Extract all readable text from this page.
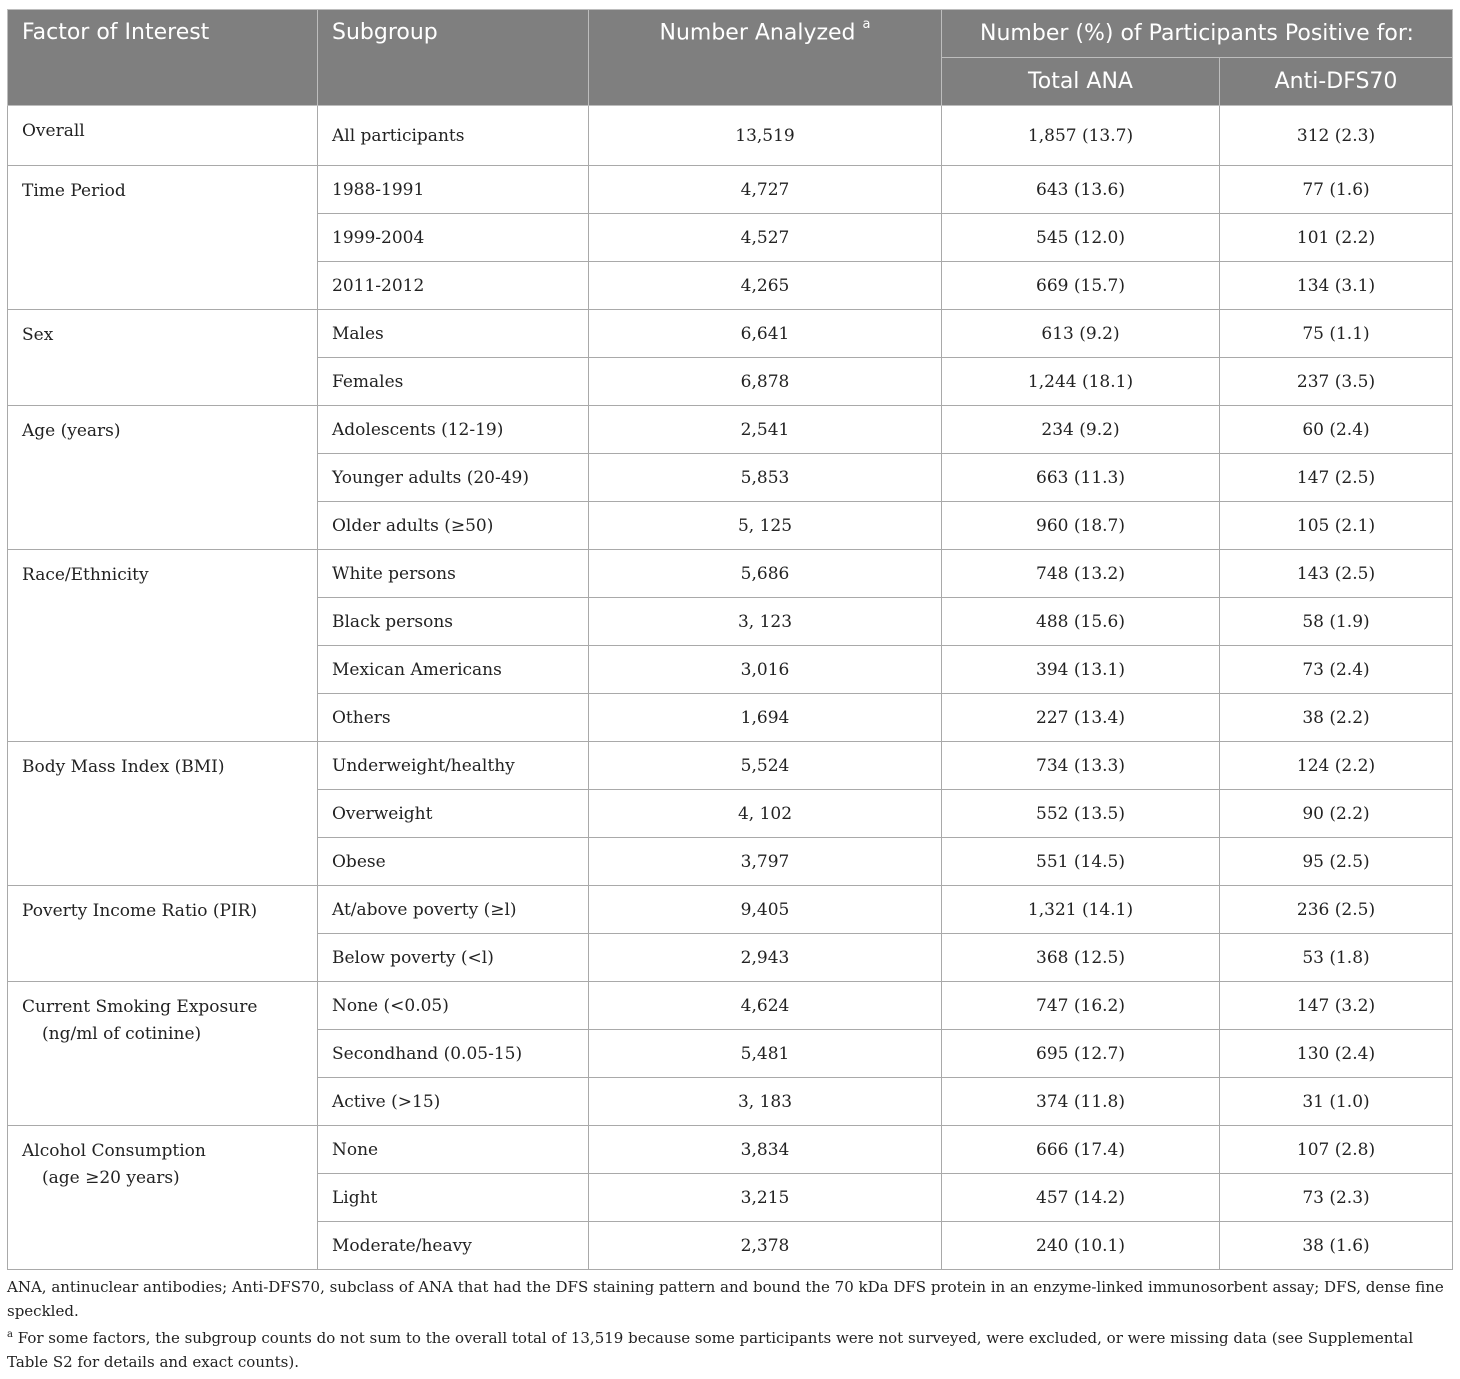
Factor of Interest	Subgroup	Number Analyzed $^a$	Number (%) of Participants Positive for:	
			Total ANA	Anti-DFS70
Overall	All participants	13,519	1,857 (13.7)	312 (2.3)
Time Period	1988-1991	4,727	643 (13.6)	77 (1.6)
	1999-2004	4,527	545 (12.0)	101 (2.2)
	2011-2012	4,265	669 (15.7)	134 (3.1)
Sex	Males	6,641	613 (9.2)	75 (1.1)
	Females	6,878	1,244 (18.1)	237 (3.5)
Age (years)	Adolescents (12-19)	2,541	234 (9.2)	60 (2.4)
	Younger adults (20-49)	5,853	663 (11.3)	147 (2.5)
	Older adults (≥50)	5, 125	960 (18.7)	105 (2.1)
Race/Ethnicity	White persons	5,686	748 (13.2)	143 (2.5)
	Black persons	3, 123	488 (15.6)	58 (1.9)
	Mexican Americans	3,016	394 (13.1)	73 (2.4)
	Others	1,694	227 (13.4)	38 (2.2)
Body Mass Index (BMI)	Underweight/healthy	5,524	734 (13.3)	124 (2.2)
	Overweight	4, 102	552 (13.5)	90 (2.2)
	Obese	3,797	551 (14.5)	95 (2.5)
Poverty Income Ratio (PIR)	At/above poverty (≥l)	9,405	1,321 (14.1)	236 (2.5)
	Below poverty (<l)	2,943	368 (12.5)	53 (1.8)
Current Smoking Exposure
(ng/ml of cotinine)	None (<0.05)	4,624	747 (16.2)	147 (3.2)
	Secondhand (0.05-15)	5,481	695 (12.7)	130 (2.4)
	Active (>15)	3, 183	374 (11.8)	31 (1.0)
Alcohol Consumption
(age ≥20 years)	None	3,834	666 (17.4)	107 (2.8)
	Light	3,215	457 (14.2)	73 (2.3)
	Moderate/heavy	2,378	240 (10.1)	38 (1.6)

ANA, antinuclear antibodies; Anti-DFS70, subclass of ANA that had the DFS staining pattern and bound the 70 kDa DFS protein in an enzyme-linked immunosorbent assay; DFS, dense fine speckled.

$^a$ For some factors, the subgroup counts do not sum to the overall total of 13,519 because some participants were not surveyed, were excluded, or were missing data (see Supplemental Table S2 for details and exact counts).
